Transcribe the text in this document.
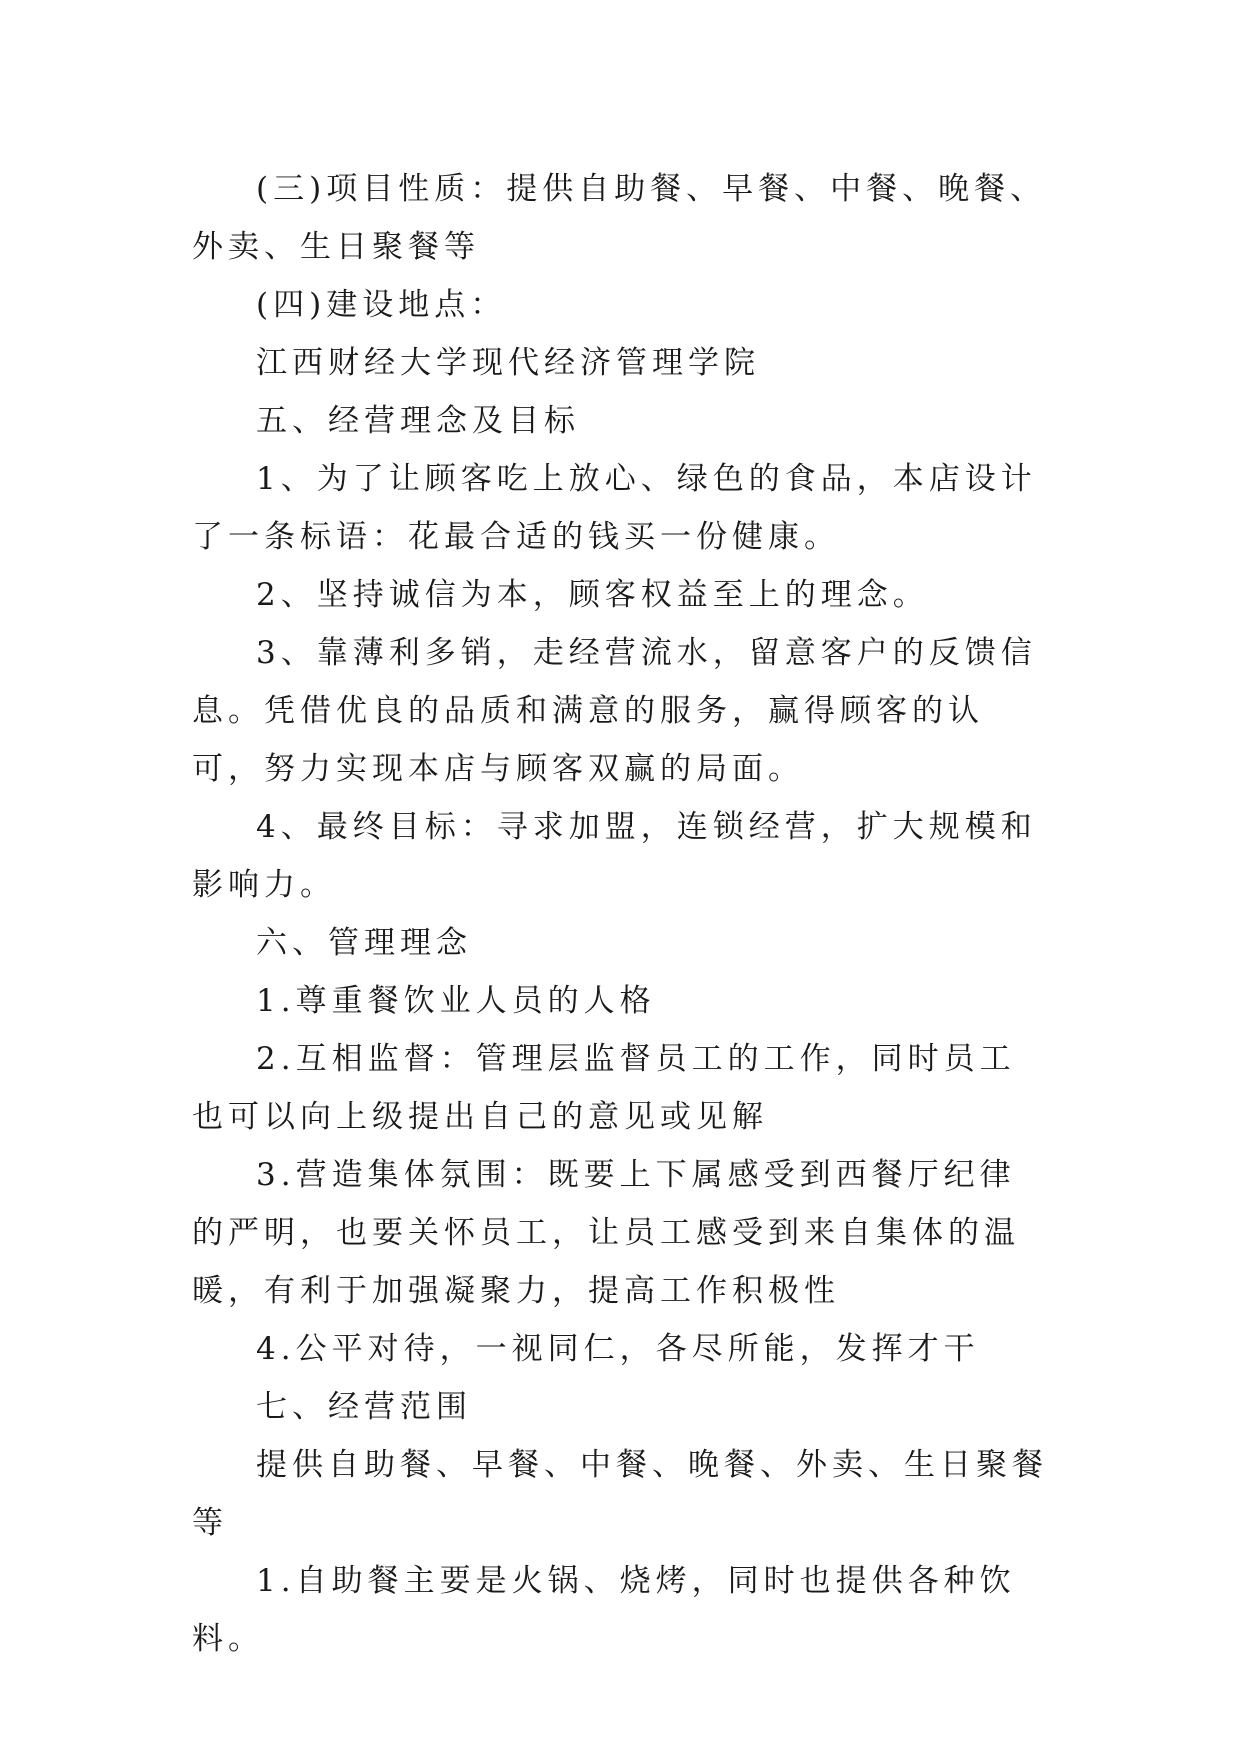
(三)项目性质：提供自助餐、早餐、中餐、晚餐、外卖、生日聚餐等

(四)建设地点：

江西财经大学现代经济管理学院

五、经营理念及目标

1、为了让顾客吃上放心、绿色的食品，本店设计了一条标语：花最合适的钱买一份健康。

2、坚持诚信为本，顾客权益至上的理念。

3、靠薄利多销，走经营流水，留意客户的反馈信息。凭借优良的品质和满意的服务，赢得顾客的认可，努力实现本店与顾客双赢的局面。

4、最终目标：寻求加盟，连锁经营，扩大规模和影响力。

六、管理理念

1.尊重餐饮业人员的人格

2.互相监督：管理层监督员工的工作，同时员工也可以向上级提出自己的意见或见解

3.营造集体氛围：既要上下属感受到西餐厅纪律的严明，也要关怀员工，让员工感受到来自集体的温暖，有利于加强凝聚力，提高工作积极性

4.公平对待，一视同仁，各尽所能，发挥才干

七、经营范围

提供自助餐、早餐、中餐、晚餐、外卖、生日聚餐等

1.自助餐主要是火锅、烧烤，同时也提供各种饮料。
